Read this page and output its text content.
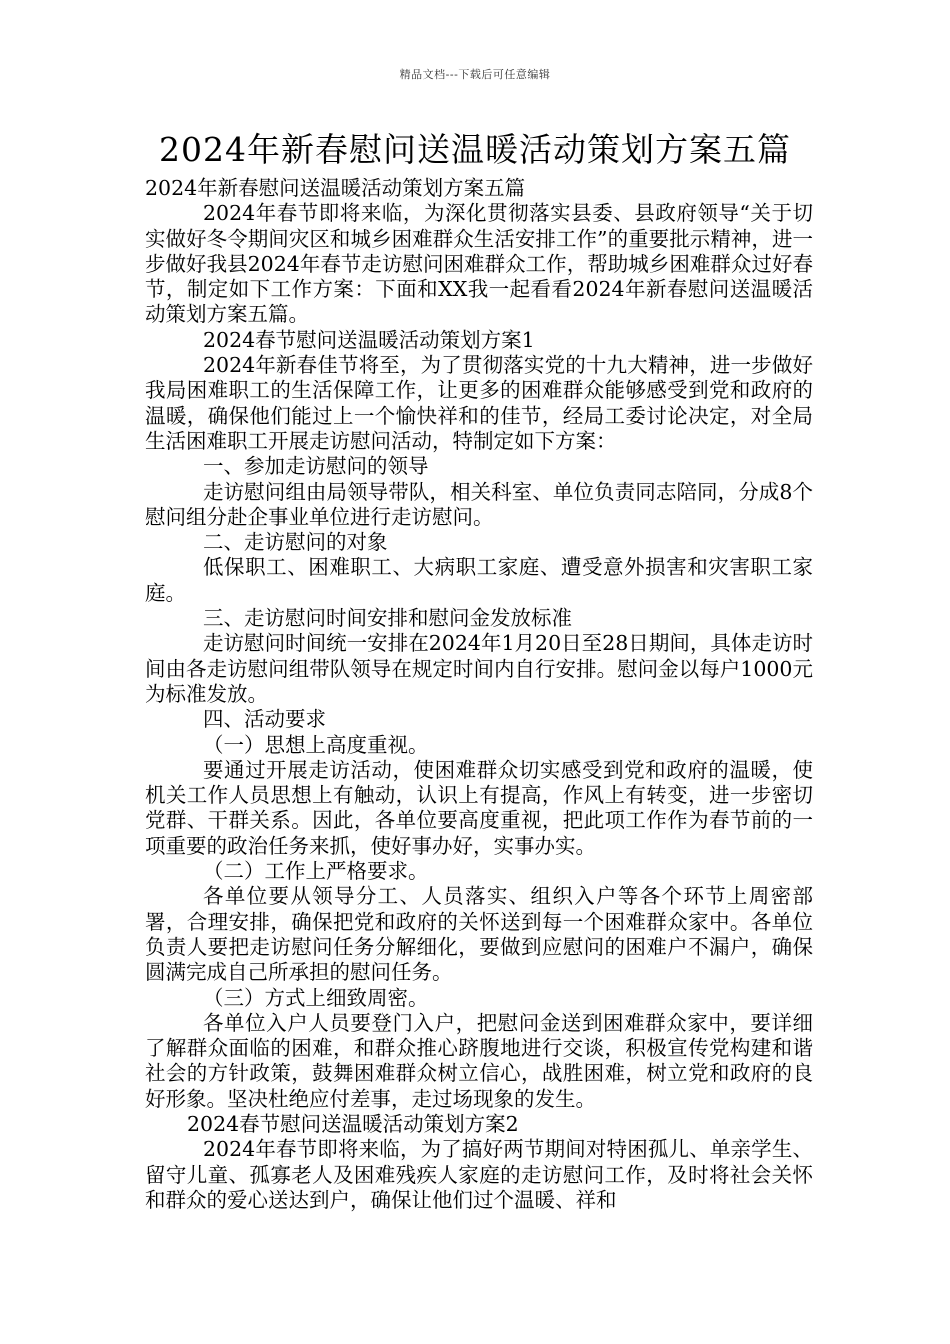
精品文档---下载后可任意编辑
2024年新春慰问送温暖活动策划方案五篇

2024年新春慰问送温暖活动策划方案五篇

2024年春节即将来临，为深化贯彻落实县委、县政府领导“关于切实做好冬令期间灾区和城乡困难群众生活安排工作”的重要批示精神，进一步做好我县2024年春节走访慰问困难群众工作，帮助城乡困难群众过好春节，制定如下工作方案：下面和XX我一起看看2024年新春慰问送温暖活动策划方案五篇。

2024春节慰问送温暖活动策划方案1

2024年新春佳节将至，为了贯彻落实党的十九大精神，进一步做好我局困难职工的生活保障工作，让更多的困难群众能够感受到党和政府的温暖，确保他们能过上一个愉快祥和的佳节，经局工委讨论决定，对全局生活困难职工开展走访慰问活动，特制定如下方案：

一、参加走访慰问的领导

走访慰问组由局领导带队，相关科室、单位负责同志陪同，分成8个慰问组分赴企事业单位进行走访慰问。

二、走访慰问的对象

低保职工、困难职工、大病职工家庭、遭受意外损害和灾害职工家庭。

三、走访慰问时间安排和慰问金发放标准

走访慰问时间统一安排在2024年1月20日至28日期间，具体走访时间由各走访慰问组带队领导在规定时间内自行安排。慰问金以每户1000元为标准发放。

四、活动要求

（一）思想上高度重视。

要通过开展走访活动，使困难群众切实感受到党和政府的温暖，使机关工作人员思想上有触动，认识上有提高，作风上有转变，进一步密切党群、干群关系。因此，各单位要高度重视，把此项工作作为春节前的一项重要的政治任务来抓，使好事办好，实事办实。

（二）工作上严格要求。

各单位要从领导分工、人员落实、组织入户等各个环节上周密部署，合理安排，确保把党和政府的关怀送到每一个困难群众家中。各单位负责人要把走访慰问任务分解细化，要做到应慰问的困难户不漏户，确保圆满完成自己所承担的慰问任务。

（三）方式上细致周密。

各单位入户人员要登门入户，把慰问金送到困难群众家中，要详细了解群众面临的困难，和群众推心跻腹地进行交谈，积极宣传党构建和谐社会的方针政策，鼓舞困难群众树立信心，战胜困难，树立党和政府的良好形象。坚决杜绝应付差事，走过场现象的发生。

2024春节慰问送温暖活动策划方案2

2024年春节即将来临，为了搞好两节期间对特困孤儿、单亲学生、留守儿童、孤寡老人及困难残疾人家庭的走访慰问工作，及时将社会关怀和群众的爱心送达到户，确保让他们过个温暖、祥和
